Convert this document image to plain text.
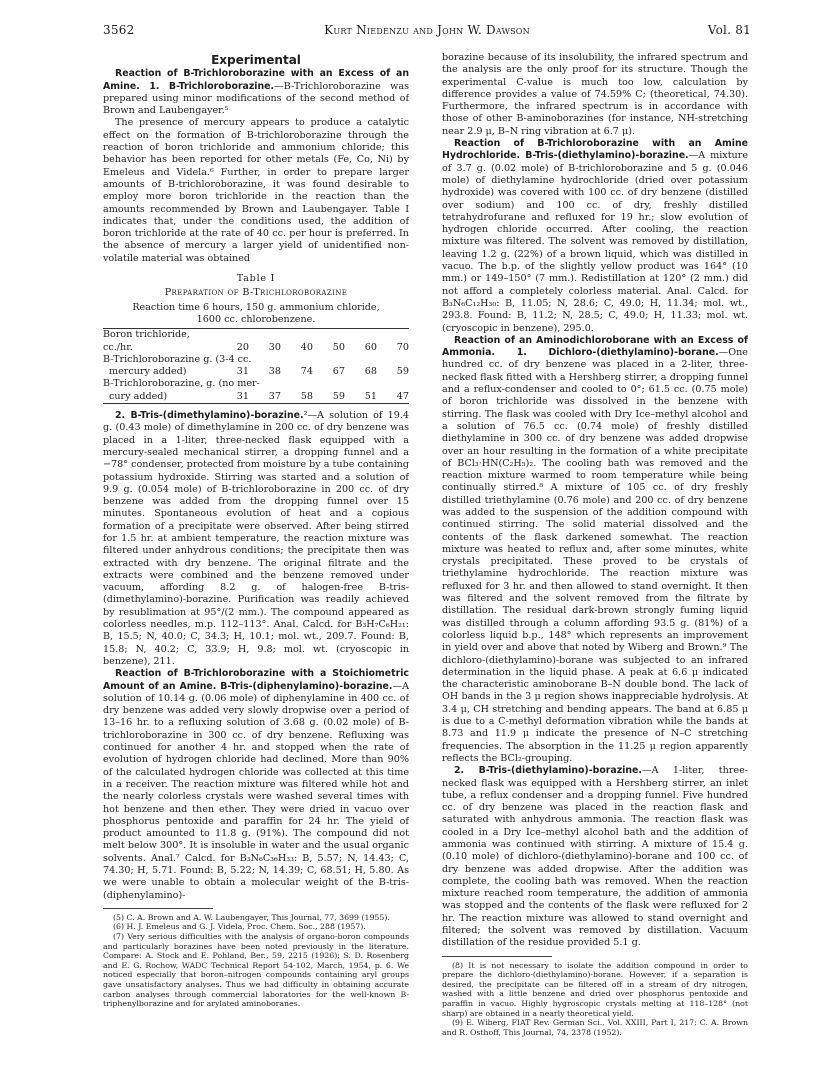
3562	Kurt Niedenzu and John W. Dawson	Vol. 81
Experimental

Reaction of B-Trichloroborazine with an Excess of an Amine. 1. B-Trichloroborazine.—B-Trichloroborazine was prepared using minor modifications of the second method of Brown and Laubengayer.⁵

The presence of mercury appears to produce a catalytic effect on the formation of B-trichloroborazine through the reaction of boron trichloride and ammonium chloride; this behavior has been reported for other metals (Fe, Co, Ni) by Emeleus and Videla.⁶ Further, in order to prepare larger amounts of B-trichloroborazine, it was found desirable to employ more boron trichloride in the reaction than the amounts recommended by Brown and Laubengayer. Table I indicates that, under the conditions used, the addition of boron trichloride at the rate of 40 cc. per hour is preferred. In the absence of mercury a larger yield of unidentified non-volatile material was obtained

Table I
Preparation of B-Trichloroborazine
Reaction time 6 hours, 150 g. ammonium chloride, 1600 cc. chlorobenzene.
Boron trichloride, cc./hr.	20	30	40	50	60	70
B-Trichloroborazine g. (3-4 cc.						
mercury added)	31	38	74	67	68	59
B-Trichloroborazine, g. (no mer-						
cury added)	31	37	58	59	51	47

2. B-Tris-(dimethylamino)-borazine.²—A solution of 19.4 g. (0.43 mole) of dimethylamine in 200 cc. of dry benzene was placed in a 1-liter, three-necked flask equipped with a mercury-sealed mechanical stirrer, a dropping funnel and a −78° condenser, protected from moisture by a tube containing potassium hydroxide. Stirring was started and a solution of 9.9 g. (0.054 mole) of B-trichloroborazine in 200 cc. of dry benzene was added from the dropping funnel over 15 minutes. Spontaneous evolution of heat and a copious formation of a precipitate were observed. After being stirred for 1.5 hr. at ambient temperature, the reaction mixture was filtered under anhydrous conditions; the precipitate then was extracted with dry benzene. The original filtrate and the extracts were combined and the benzene removed under vacuum, affording 8.2 g. of halogen-free B-tris-(dimethylamino)-borazine. Purification was readily achieved by resublimation at 95°/(2 mm.). The compound appeared as colorless needles, m.p. 112–113°. Anal. Calcd. for B₃H₇C₆H₂₁: B, 15.5; N, 40.0; C, 34.3; H, 10.1; mol. wt., 209.7. Found: B, 15.8; N, 40.2; C, 33.9; H, 9.8; mol. wt. (cryoscopic in benzene), 211.

Reaction of B-Trichloroborazine with a Stoichiometric Amount of an Amine. B-Tris-(diphenylamino)-borazine.—A solution of 10.14 g. (0.06 mole) of diphenylamine in 400 cc. of dry benzene was added very slowly dropwise over a period of 13–16 hr. to a refluxing solution of 3.68 g. (0.02 mole) of B-trichloroborazine in 300 cc. of dry benzene. Refluxing was continued for another 4 hr. and stopped when the rate of evolution of hydrogen chloride had declined. More than 90% of the calculated hydrogen chloride was collected at this time in a receiver. The reaction mixture was filtered while hot and the nearly colorless crystals were washed several times with hot benzene and then ether. They were dried in vacuo over phosphorus pentoxide and paraffin for 24 hr. The yield of product amounted to 11.8 g. (91%). The compound did not melt below 300°. It is insoluble in water and the usual organic solvents. Anal.⁷ Calcd. for B₃N₆C₃₆H₃₃: B, 5.57; N, 14.43; C, 74.30; H, 5.71. Found: B, 5.22; N, 14.39; C, 68.51; H, 5.80. As we were unable to obtain a molecular weight of the B-tris-(diphenylamino)-

(5) C. A. Brown and A. W. Laubengayer, This Journal, 77, 3699 (1955).

(6) H. J. Emeleus and G. J. Videla, Proc. Chem. Soc., 288 (1957).

(7) Very serious difficulties with the analysis of organo-boron compounds and particularly borazines have been noted previously in the literature. Compare: A. Stock and E. Pohland, Ber., 59, 2215 (1926); S. D. Rosenberg and E. G. Rochow, WADC Technical Report 54-102, March, 1954, p. 6. We noticed especially that boron–nitrogen compounds containing aryl groups gave unsatisfactory analyses. Thus we had difficulty in obtaining accurate carbon analyses through commercial laboratories for the well-known B-triphenylborazine and for arylated aminoboranes.

borazine because of its insolubility, the infrared spectrum and the analysis are the only proof for its structure. Though the experimental C-value is much too low, calculation by difference provides a value of 74.59% C; (theoretical, 74.30). Furthermore, the infrared spectrum is in accordance with those of other B-aminoborazines (for instance, NH-stretching near 2.9 μ, B–N ring vibration at 6.7 μ).

Reaction of B-Trichloroborazine with an Amine Hydrochloride. B-Tris-(diethylamino)-borazine.—A mixture of 3.7 g. (0.02 mole) of B-trichloroborazine and 5 g. (0.046 mole) of diethylamine hydrochloride (dried over potassium hydroxide) was covered with 100 cc. of dry benzene (distilled over sodium) and 100 cc. of dry, freshly distilled tetrahydrofurane and refluxed for 19 hr.; slow evolution of hydrogen chloride occurred. After cooling, the reaction mixture was filtered. The solvent was removed by distillation, leaving 1.2 g. (22%) of a brown liquid, which was distilled in vacuo. The b.p. of the slightly yellow product was 164° (10 mm.) or 149–150° (7 mm.). Redistillation at 120° (2 mm.) did not afford a completely colorless material. Anal. Calcd. for B₃N₆C₁₂H₃₀: B, 11.05; N, 28.6; C, 49.0; H, 11.34; mol. wt., 293.8. Found: B, 11.2; N, 28.5; C, 49.0; H, 11.33; mol. wt. (cryoscopic in benzene), 295.0.

Reaction of an Aminodichloroborane with an Excess of Ammonia. 1. Dichloro-(diethylamino)-borane.—One hundred cc. of dry benzene was placed in a 2-liter, three-necked flask fitted with a Hershberg stirrer, a dropping funnel and a reflux-condenser and cooled to 0°; 61.5 cc. (0.75 mole) of boron trichloride was dissolved in the benzene with stirring. The flask was cooled with Dry Ice–methyl alcohol and a solution of 76.5 cc. (0.74 mole) of freshly distilled diethylamine in 300 cc. of dry benzene was added dropwise over an hour resulting in the formation of a white precipitate of BCl₃·HN(C₂H₅)₂. The cooling bath was removed and the reaction mixture warmed to room temperature while being continually stirred.⁸ A mixture of 105 cc. of dry freshly distilled triethylamine (0.76 mole) and 200 cc. of dry benzene was added to the suspension of the addition compound with continued stirring. The solid material dissolved and the contents of the flask darkened somewhat. The reaction mixture was heated to reflux and, after some minutes, white crystals precipitated. These proved to be crystals of triethylamine hydrochloride. The reaction mixture was refluxed for 3 hr. and then allowed to stand overnight. It then was filtered and the solvent removed from the filtrate by distillation. The residual dark-brown strongly fuming liquid was distilled through a column affording 93.5 g. (81%) of a colorless liquid b.p., 148° which represents an improvement in yield over and above that noted by Wiberg and Brown.⁹ The dichloro-(diethylamino)-borane was subjected to an infrared determination in the liquid phase. A peak at 6.6 μ indicated the characteristic aminoborane B–N double bond. The lack of OH bands in the 3 μ region shows inappreciable hydrolysis. At 3.4 μ, CH stretching and bending appears. The band at 6.85 μ is due to a C-methyl deformation vibration while the bands at 8.73 and 11.9 μ indicate the presence of N–C stretching frequencies. The absorption in the 11.25 μ region apparently reflects the BCl₂-grouping.

2. B-Tris-(diethylamino)-borazine.—A 1-liter, three-necked flask was equipped with a Hershberg stirrer, an inlet tube, a reflux condenser and a dropping funnel. Five hundred cc. of dry benzene was placed in the reaction flask and saturated with anhydrous ammonia. The reaction flask was cooled in a Dry Ice–methyl alcohol bath and the addition of ammonia was continued with stirring. A mixture of 15.4 g. (0.10 mole) of dichloro-(diethylamino)-borane and 100 cc. of dry benzene was added dropwise. After the addition was complete, the cooling bath was removed. When the reaction mixture reached room temperature, the addition of ammonia was stopped and the contents of the flask were refluxed for 2 hr. The reaction mixture was allowed to stand overnight and filtered; the solvent was removed by distillation. Vacuum distillation of the residue provided 5.1 g.

(8) It is not necessary to isolate the addition compound in order to prepare the dichloro-(diethylamino)-borane. However, if a separation is desired, the precipitate can be filtered off in a stream of dry nitrogen, washed with a little benzene and dried over phosphorus pentoxide and paraffin in vacuo. Highly hygroscopic crystals melting at 118–128° (not sharp) are obtained in a nearly theoretical yield.

(9) E. Wiberg, FIAT Rev. German Sci., Vol. XXIII, Part I, 217; C. A. Brown and R. Osthoff, This Journal, 74, 2378 (1952).
